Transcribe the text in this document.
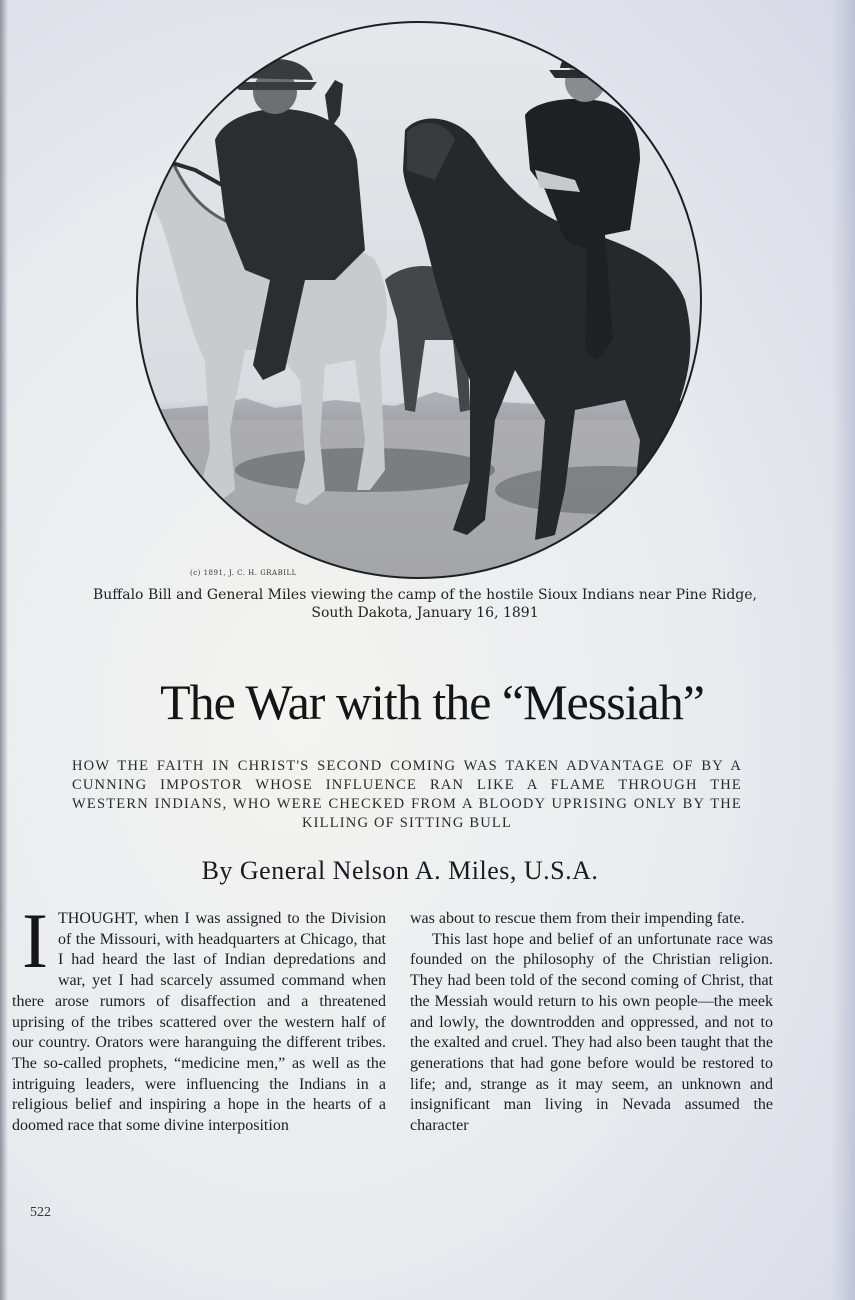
(c) 1891, J. C. H. GRABILL
Buffalo Bill and General Miles viewing the camp of the hostile Sioux Indians near Pine Ridge, South Dakota, January 16, 1891
The War with the “Messiah”
HOW THE FAITH IN CHRIST'S SECOND COMING WAS TAKEN ADVANTAGE OF BY A CUNNING IMPOSTOR WHOSE INFLUENCE RAN LIKE A FLAME THROUGH THE WESTERN INDIANS, WHO WERE CHECKED FROM A BLOODY UPRISING ONLY BY THE KILLING OF SITTING BULL
By General Nelson A. Miles, U.S.A.
I THOUGHT, when I was assigned to the Division of the Missouri, with headquarters at Chicago, that I had heard the last of Indian depredations and war, yet I had scarcely assumed command when there arose rumors of disaffection and a threatened uprising of the tribes scattered over the western half of our country. Orators were haranguing the different tribes. The so-called prophets, “medicine men,” as well as the intriguing leaders, were influencing the Indians in a religious belief and inspiring a hope in the hearts of a doomed race that some divine interposition

was about to rescue them from their impending fate.

This last hope and belief of an unfortunate race was founded on the philosophy of the Christian religion. They had been told of the second coming of Christ, that the Messiah would return to his own people—the meek and lowly, the downtrodden and oppressed, and not to the exalted and cruel. They had also been taught that the generations that had gone before would be restored to life; and, strange as it may seem, an unknown and insignificant man living in Nevada assumed the character

522
